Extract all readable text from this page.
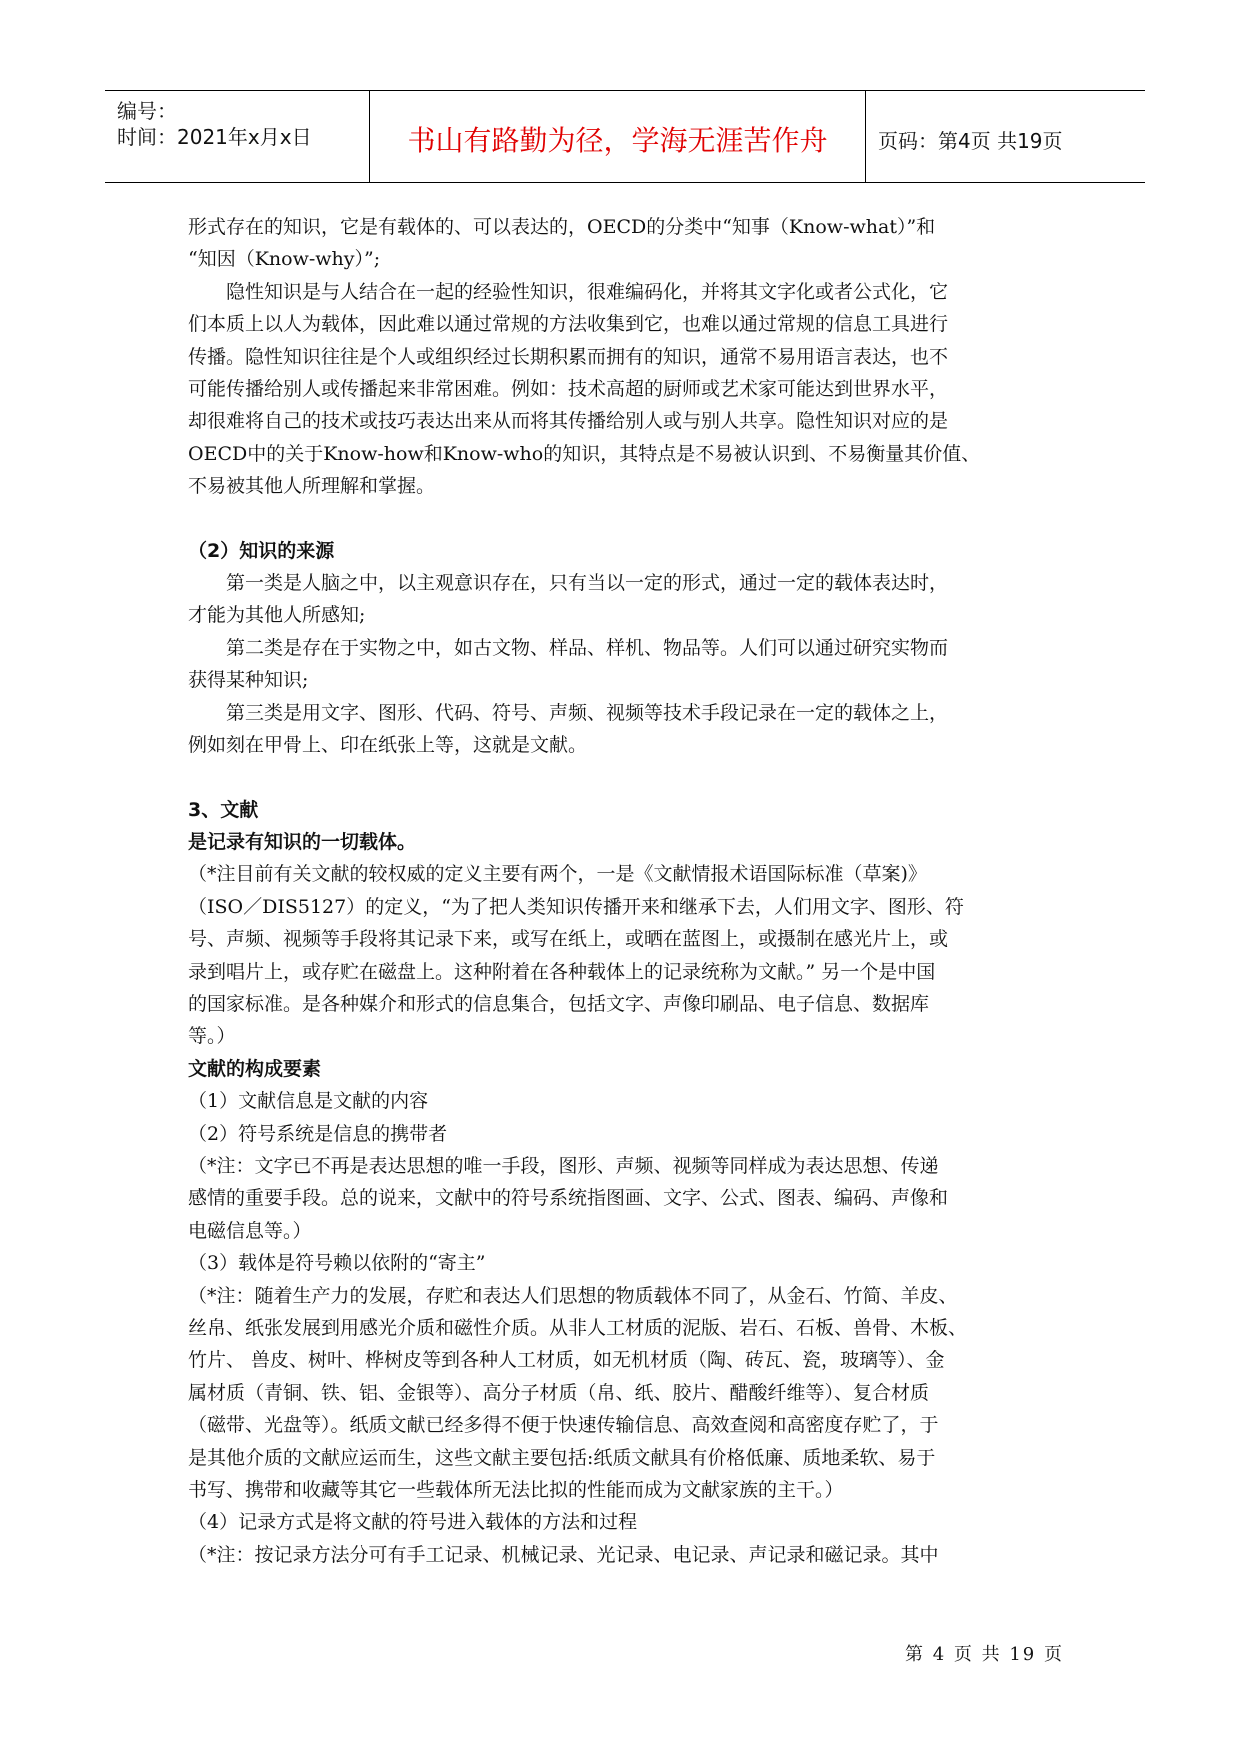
编号：
时间：2021年x月x日	书山有路勤为径，学海无涯苦作舟	页码：第4页 共19页

形式存在的知识，它是有载体的、可以表达的，OECD的分类中“知事（Know-what）”和

“知因（Know-why）”;

隐性知识是与人结合在一起的经验性知识，很难编码化，并将其文字化或者公式化，它

们本质上以人为载体，因此难以通过常规的方法收集到它，也难以通过常规的信息工具进行

传播。隐性知识往往是个人或组织经过长期积累而拥有的知识，通常不易用语言表达，也不

可能传播给别人或传播起来非常困难。例如：技术高超的厨师或艺术家可能达到世界水平，

却很难将自己的技术或技巧表达出来从而将其传播给别人或与别人共享。隐性知识对应的是

OECD中的关于Know-how和Know-who的知识，其特点是不易被认识到、不易衡量其价值、

不易被其他人所理解和掌握。

（2）知识的来源

第一类是人脑之中，以主观意识存在，只有当以一定的形式，通过一定的载体表达时，

才能为其他人所感知;

第二类是存在于实物之中，如古文物、样品、样机、物品等。人们可以通过研究实物而

获得某种知识;

第三类是用文字、图形、代码、符号、声频、视频等技术手段记录在一定的载体之上，

例如刻在甲骨上、印在纸张上等，这就是文献。

3、文献

是记录有知识的一切载体。

（*注目前有关文献的较权威的定义主要有两个，一是《文献情报术语国际标准（草案)》

（ISO／DIS5127）的定义，“为了把人类知识传播开来和继承下去，人们用文字、图形、符

号、声频、视频等手段将其记录下来，或写在纸上，或晒在蓝图上，或摄制在感光片上，或

录到唱片上，或存贮在磁盘上。这种附着在各种载体上的记录统称为文献。” 另一个是中国

的国家标准。是各种媒介和形式的信息集合，包括文字、声像印刷品、电子信息、数据库

等。）

文献的构成要素

（1）文献信息是文献的内容

（2）符号系统是信息的携带者

（*注：文字已不再是表达思想的唯一手段，图形、声频、视频等同样成为表达思想、传递

感情的重要手段。总的说来，文献中的符号系统指图画、文字、公式、图表、编码、声像和

电磁信息等。）

（3）载体是符号赖以依附的“寄主”

（*注：随着生产力的发展，存贮和表达人们思想的物质载体不同了，从金石、竹简、羊皮、

丝帛、纸张发展到用感光介质和磁性介质。从非人工材质的泥版、岩石、石板、兽骨、木板、

竹片、 兽皮、树叶、桦树皮等到各种人工材质，如无机材质（陶、砖瓦、瓷，玻璃等）、金

属材质（青铜、铁、铝、金银等）、高分子材质（帛、纸、胶片、醋酸纤维等）、复合材质

（磁带、光盘等）。纸质文献已经多得不便于快速传输信息、高效查阅和高密度存贮了，于

是其他介质的文献应运而生，这些文献主要包括:纸质文献具有价格低廉、质地柔软、易于

书写、携带和收藏等其它一些载体所无法比拟的性能而成为文献家族的主干。）

（4）记录方式是将文献的符号进入载体的方法和过程

（*注：按记录方法分可有手工记录、机械记录、光记录、电记录、声记录和磁记录。其中

第 4 页 共 19 页
